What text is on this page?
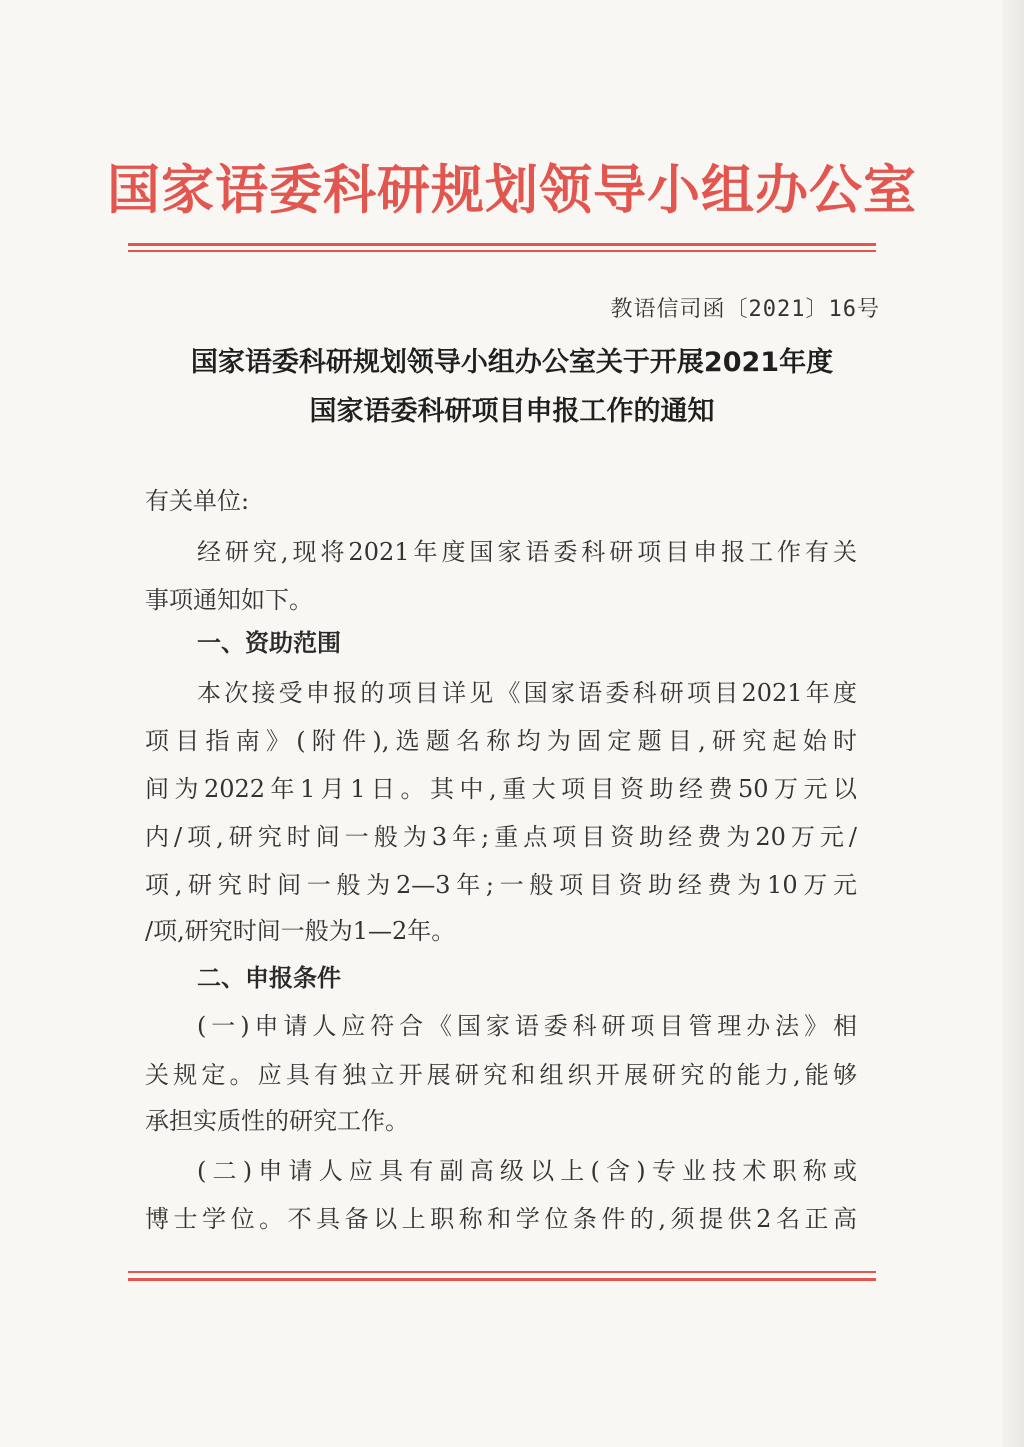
国家语委科研规划领导小组办公室
教语信司函〔2021〕16号
国家语委科研规划领导小组办公室关于开展2021年度
国家语委科研项目申报工作的通知
有关单位:
经研究,现将2021年度国家语委科研项目申报工作有关
事项通知如下。
一、资助范围
本次接受申报的项目详见《国家语委科研项目2021年度
项目指南》(附件),选题名称均为固定题目,研究起始时
间为2022年1月1日。其中,重大项目资助经费50万元以
内/项,研究时间一般为3年;重点项目资助经费为20万元/
项,研究时间一般为2—3年;一般项目资助经费为10万元
/项,研究时间一般为1—2年。
二、申报条件
(一)申请人应符合《国家语委科研项目管理办法》相
关规定。应具有独立开展研究和组织开展研究的能力,能够
承担实质性的研究工作。
(二)申请人应具有副高级以上(含)专业技术职称或
博士学位。不具备以上职称和学位条件的,须提供2名正高
